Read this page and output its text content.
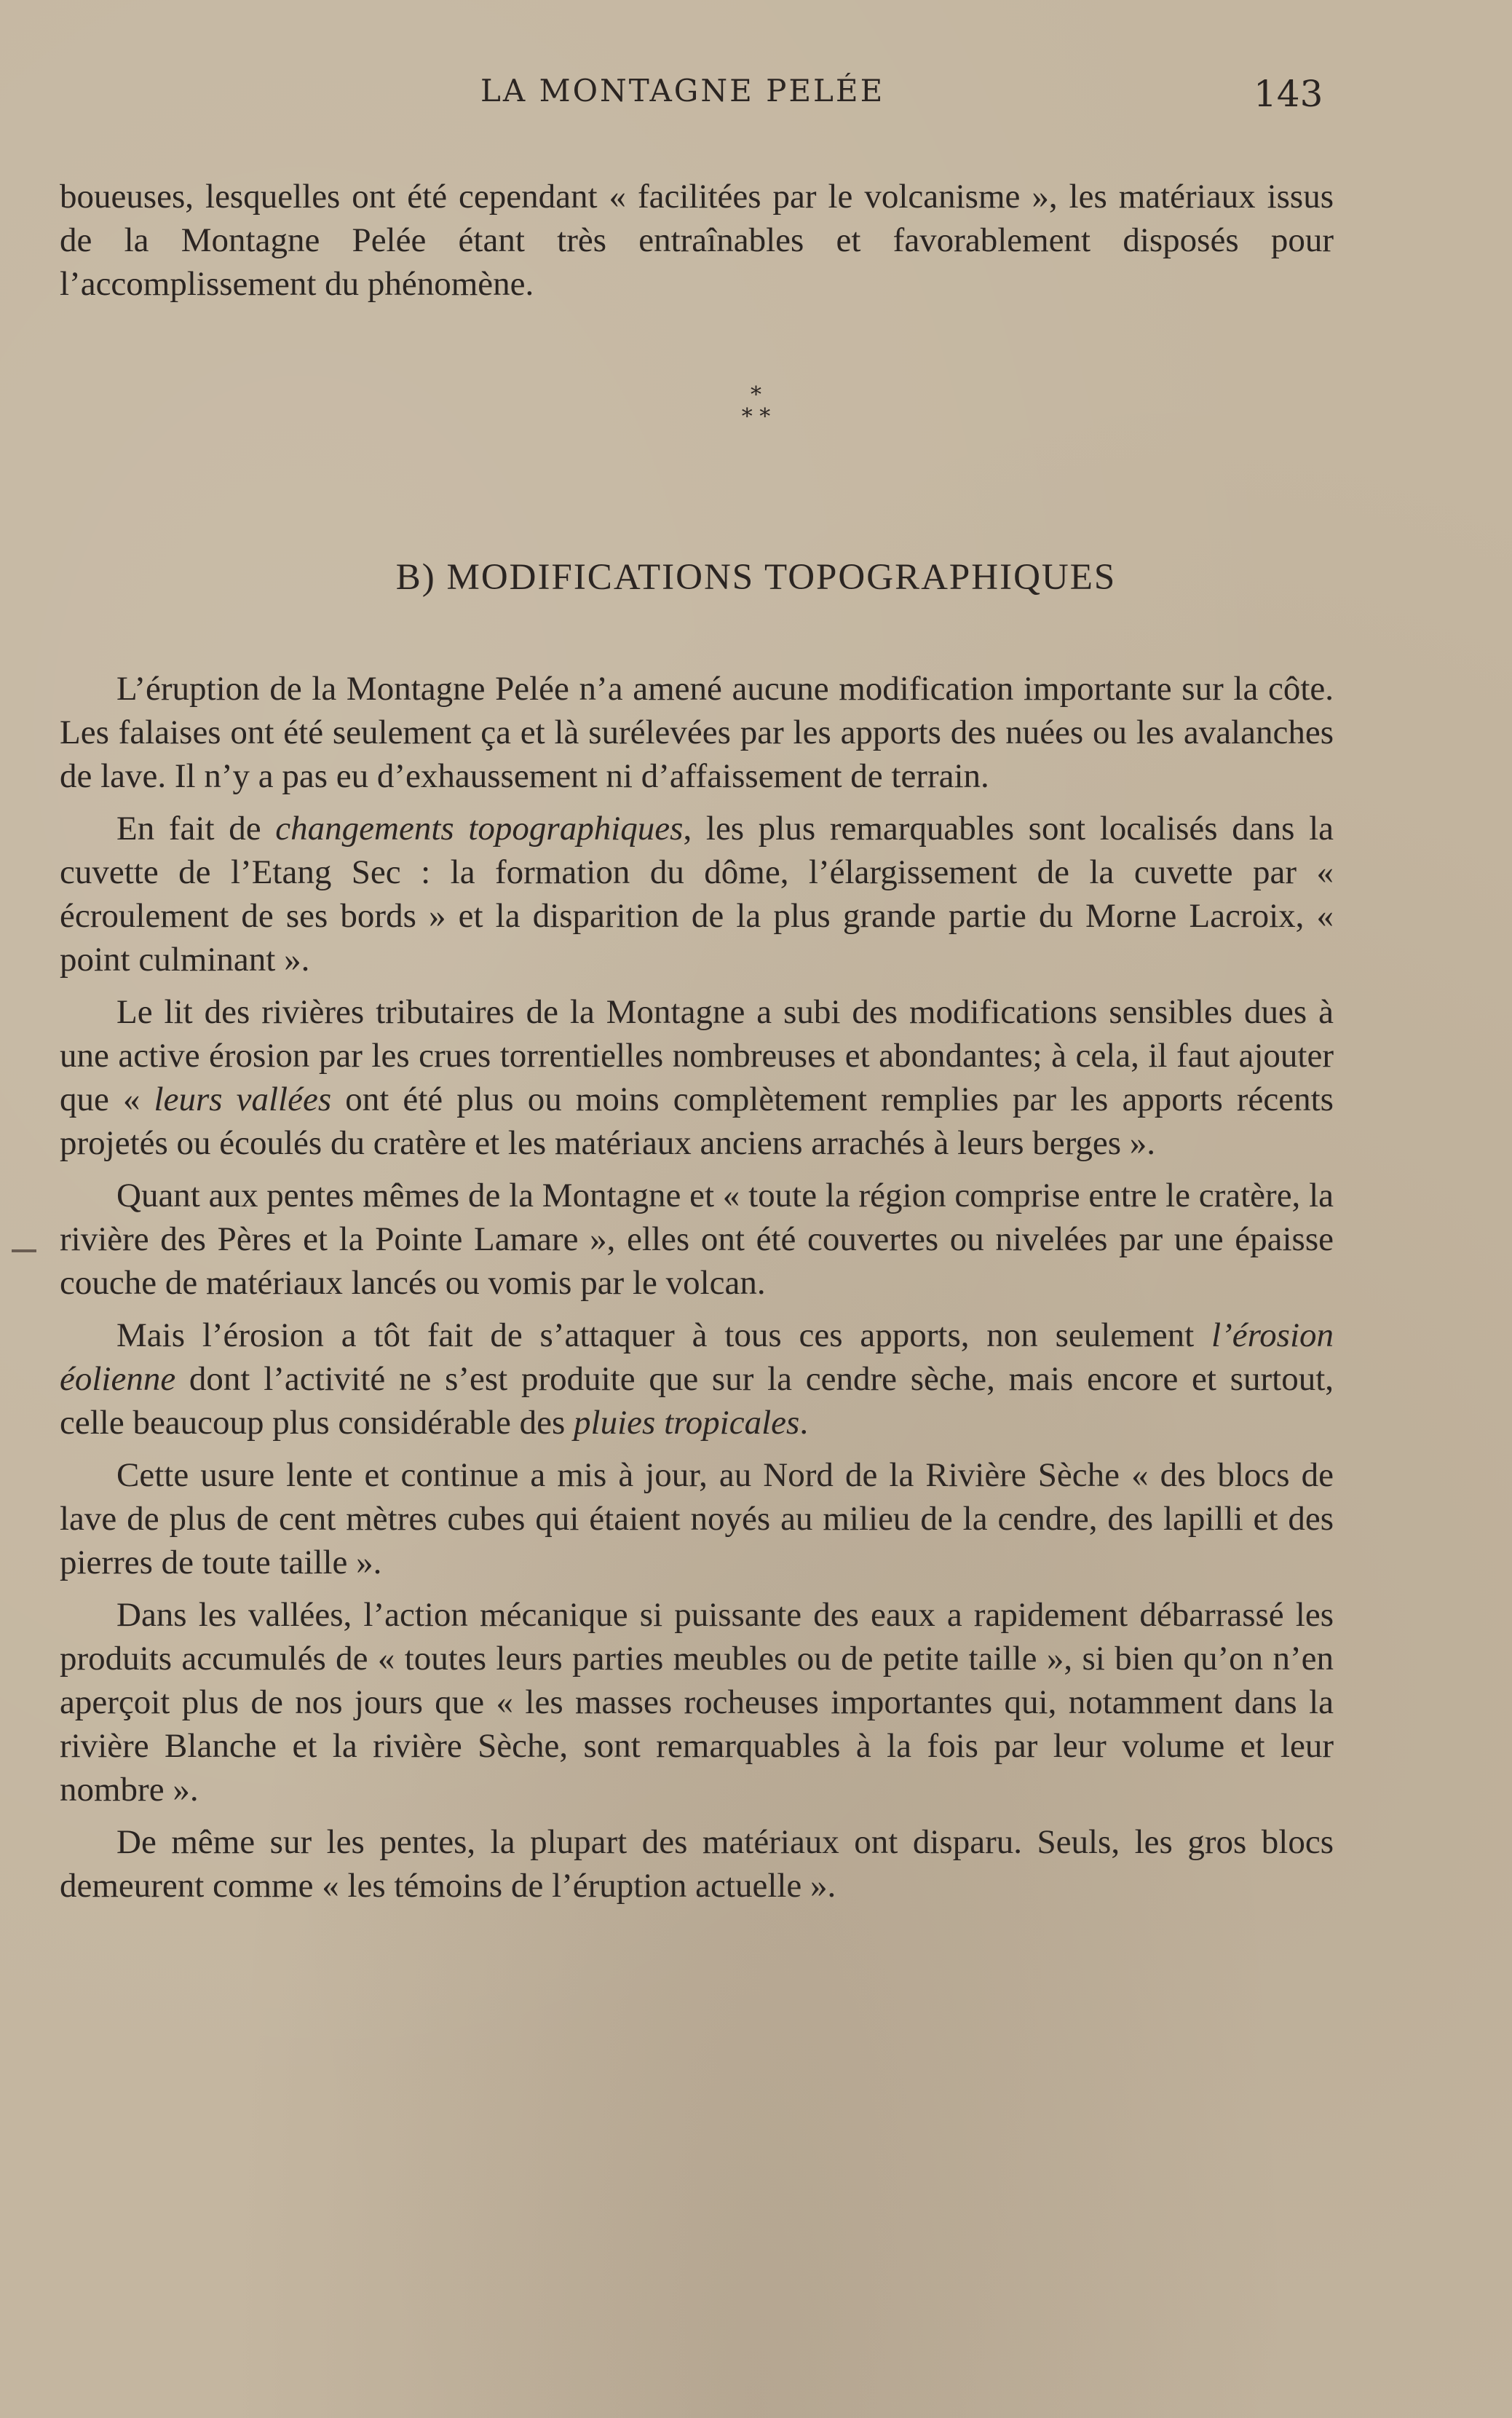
LA MONTAGNE PELÉE	143

boueuses, lesquelles ont été cependant « facilitées par le volcanisme », les matériaux issus de la Montagne Pelée étant très entraînables et favorablement disposés pour l’accomplissement du phénomène.

*
* *
B) MODIFICATIONS TOPOGRAPHIQUES

L’éruption de la Montagne Pelée n’a amené aucune modification importante sur la côte. Les falaises ont été seulement ça et là surélevées par les apports des nuées ou les avalanches de lave. Il n’y a pas eu d’exhaussement ni d’affaissement de terrain.

En fait de changements topographiques, les plus remarquables sont localisés dans la cuvette de l’Etang Sec : la formation du dôme, l’élargissement de la cuvette par « écroulement de ses bords » et la disparition de la plus grande partie du Morne Lacroix, « point culminant ».

Le lit des rivières tributaires de la Montagne a subi des modifications sensibles dues à une active érosion par les crues torrentielles nombreuses et abondantes; à cela, il faut ajouter que « leurs vallées ont été plus ou moins complètement remplies par les apports récents projetés ou écoulés du cratère et les matériaux anciens arrachés à leurs berges ».

Quant aux pentes mêmes de la Montagne et « toute la région comprise entre le cratère, la rivière des Pères et la Pointe Lamare », elles ont été couvertes ou nivelées par une épaisse couche de matériaux lancés ou vomis par le volcan.

Mais l’érosion a tôt fait de s’attaquer à tous ces apports, non seulement l’érosion éolienne dont l’activité ne s’est produite que sur la cendre sèche, mais encore et surtout, celle beaucoup plus considérable des pluies tropicales.

Cette usure lente et continue a mis à jour, au Nord de la Rivière Sèche « des blocs de lave de plus de cent mètres cubes qui étaient noyés au milieu de la cendre, des lapilli et des pierres de toute taille ».

Dans les vallées, l’action mécanique si puissante des eaux a rapidement débarrassé les produits accumulés de « toutes leurs parties meubles ou de petite taille », si bien qu’on n’en aperçoit plus de nos jours que « les masses rocheuses importantes qui, notamment dans la rivière Blanche et la rivière Sèche, sont remarquables à la fois par leur volume et leur nombre ».

De même sur les pentes, la plupart des matériaux ont disparu. Seuls, les gros blocs demeurent comme « les témoins de l’éruption actuelle ».
